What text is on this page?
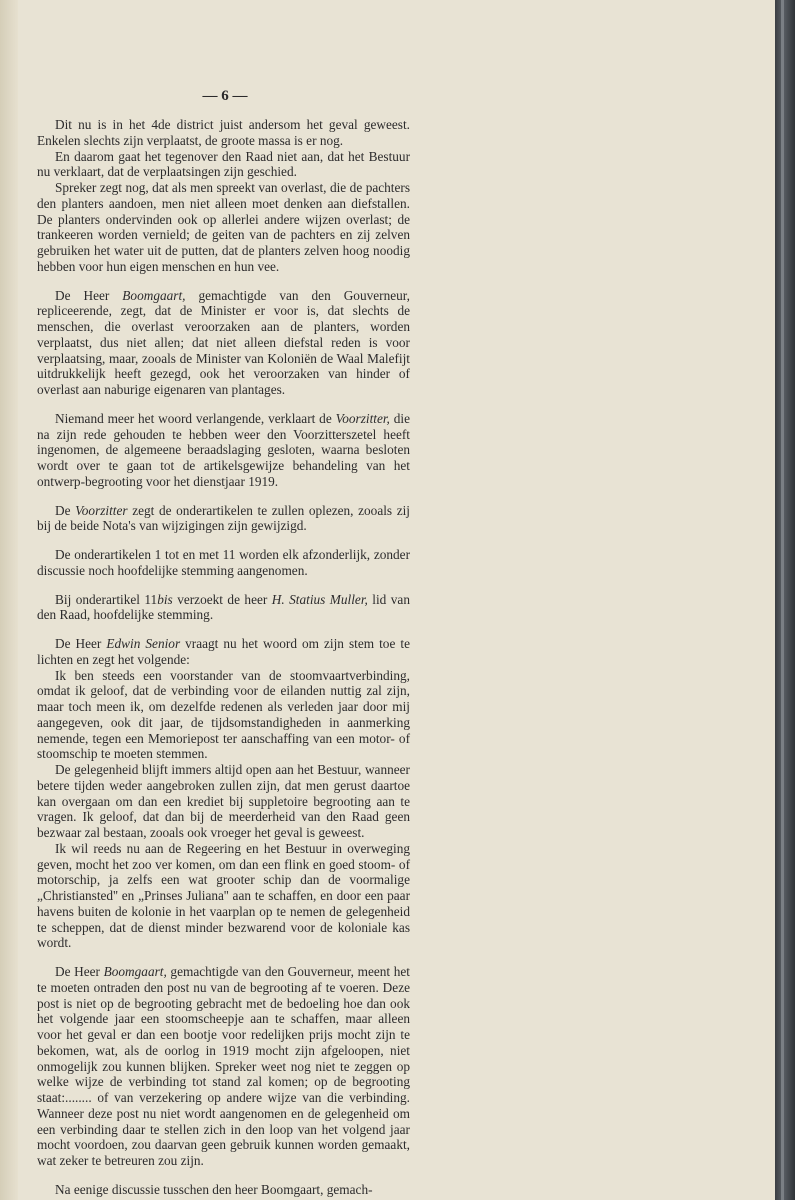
— 6 —

Dit nu is in het 4de district juist andersom het geval geweest. Enkelen slechts zijn verplaatst, de groote massa is er nog.

En daarom gaat het tegenover den Raad niet aan, dat het Bestuur nu verklaart, dat de verplaatsingen zijn geschied.

Spreker zegt nog, dat als men spreekt van overlast, die de pachters den planters aandoen, men niet alleen moet denken aan diefstallen. De planters ondervinden ook op allerlei andere wijzen overlast; de trankeeren worden vernield; de geiten van de pachters en zij zelven gebruiken het water uit de putten, dat de planters zelven hoog noodig hebben voor hun eigen menschen en hun vee.

De Heer Boomgaart, gemachtigde van den Gouverneur, repliceerende, zegt, dat de Minister er voor is, dat slechts de menschen, die overlast veroorzaken aan de planters, worden verplaatst, dus niet allen; dat niet alleen diefstal reden is voor verplaatsing, maar, zooals de Minister van Koloniën de Waal Malefijt uitdrukkelijk heeft gezegd, ook het veroorzaken van hinder of overlast aan naburige eigenaren van plantages.

Niemand meer het woord verlangende, verklaart de Voorzitter, die na zijn rede gehouden te hebben weer den Voorzitterszetel heeft ingenomen, de algemeene beraadslaging gesloten, waarna besloten wordt over te gaan tot de artikelsgewijze behandeling van het ontwerp-begrooting voor het dienstjaar 1919.

De Voorzitter zegt de onderartikelen te zullen oplezen, zooals zij bij de beide Nota's van wijzigingen zijn gewijzigd.

De onderartikelen 1 tot en met 11 worden elk afzonderlijk, zonder discussie noch hoofdelijke stemming aangenomen.

Bij onderartikel 11bis verzoekt de heer H. Statius Muller, lid van den Raad, hoofdelijke stemming.

De Heer Edwin Senior vraagt nu het woord om zijn stem toe te lichten en zegt het volgende:

Ik ben steeds een voorstander van de stoomvaartverbinding, omdat ik geloof, dat de verbinding voor de eilanden nuttig zal zijn, maar toch meen ik, om dezelfde redenen als verleden jaar door mij aangegeven, ook dit jaar, de tijdsomstandigheden in aanmerking nemende, tegen een Memoriepost ter aanschaffing van een motor- of stoomschip te moeten stemmen.

De gelegenheid blijft immers altijd open aan het Bestuur, wanneer betere tijden weder aangebroken zullen zijn, dat men gerust daartoe kan overgaan om dan een krediet bij suppletoire begrooting aan te vragen. Ik geloof, dat dan bij de meerderheid van den Raad geen bezwaar zal bestaan, zooals ook vroeger het geval is geweest.

Ik wil reeds nu aan de Regeering en het Bestuur in overweging geven, mocht het zoo ver komen, om dan een flink en goed stoom- of motorschip, ja zelfs een wat grooter schip dan de voormalige „Christiansted'' en „Prinses Juliana'' aan te schaffen, en door een paar havens buiten de kolonie in het vaarplan op te nemen de gelegenheid te scheppen, dat de dienst minder bezwarend voor de koloniale kas wordt.

De Heer Boomgaart, gemachtigde van den Gouverneur, meent het te moeten ontraden den post nu van de begrooting af te voeren. Deze post is niet op de begrooting gebracht met de bedoeling hoe dan ook het volgende jaar een stoomscheepje aan te schaffen, maar alleen voor het geval er dan een bootje voor redelijken prijs mocht zijn te bekomen, wat, als de oorlog in 1919 mocht zijn afgeloopen, niet onmogelijk zou kunnen blijken. Spreker weet nog niet te zeggen op welke wijze de verbinding tot stand zal komen; op de begrooting staat:........ of van verzekering op andere wijze van die verbinding. Wanneer deze post nu niet wordt aangenomen en de gelegenheid om een verbinding daar te stellen zich in den loop van het volgend jaar mocht voordoen, zou daarvan geen gebruik kunnen worden gemaakt, wat zeker te betreuren zou zijn.

Na eenige discussie tusschen den heer Boomgaart, gemach-
